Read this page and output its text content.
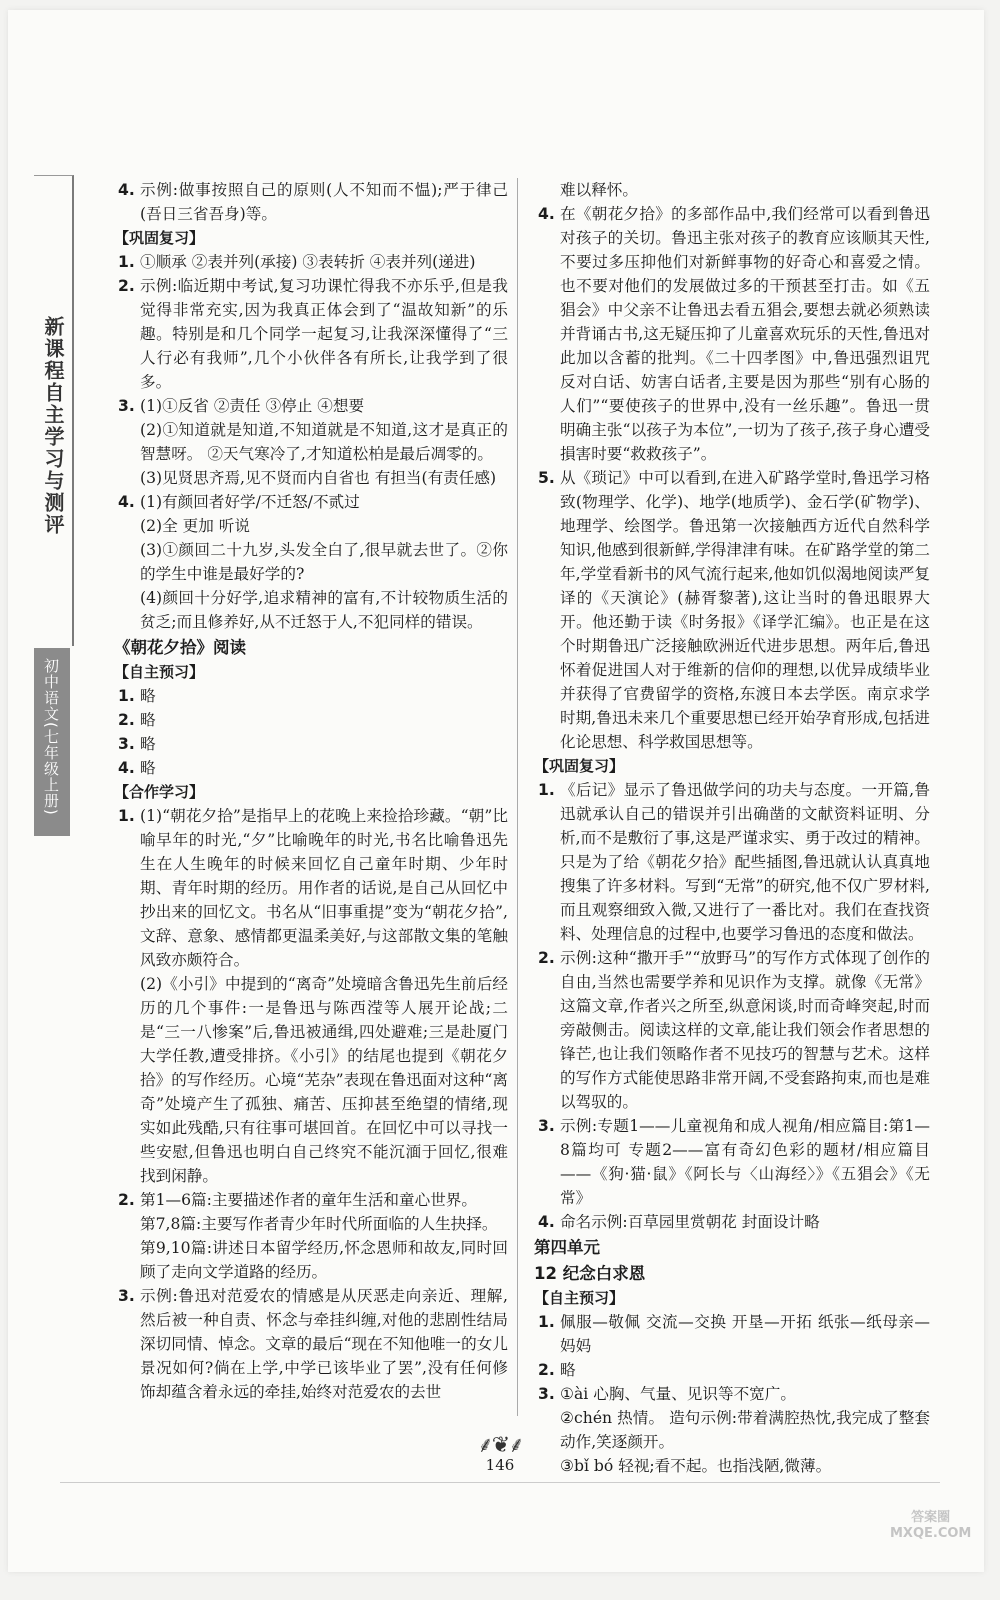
新课程自主学习与测评
初中语文(七年级上册)
4. 示例:做事按照自己的原则(人不知而不愠);严于律己(吾日三省吾身)等。
【巩固复习】
1. ①顺承 ②表并列(承接) ③表转折 ④表并列(递进)
2. 示例:临近期中考试,复习功课忙得我不亦乐乎,但是我觉得非常充实,因为我真正体会到了“温故知新”的乐趣。特别是和几个同学一起复习,让我深深懂得了“三人行必有我师”,几个小伙伴各有所长,让我学到了很多。
3. (1)①反省 ②责任 ③停止 ④想要
(2)①知道就是知道,不知道就是不知道,这才是真正的智慧呀。 ②天气寒冷了,才知道松柏是最后凋零的。
(3)见贤思齐焉,见不贤而内自省也 有担当(有责任感)
4. (1)有颜回者好学/不迁怒/不贰过
(2)全 更加 听说
(3)①颜回二十九岁,头发全白了,很早就去世了。②你的学生中谁是最好学的?
(4)颜回十分好学,追求精神的富有,不计较物质生活的贫乏;而且修养好,从不迁怒于人,不犯同样的错误。
《朝花夕拾》阅读
【自主预习】
1. 略
2. 略
3. 略
4. 略
【合作学习】
1. (1)“朝花夕拾”是指早上的花晚上来捡拾珍藏。“朝”比喻早年的时光,“夕”比喻晚年的时光,书名比喻鲁迅先生在人生晚年的时候来回忆自己童年时期、少年时期、青年时期的经历。用作者的话说,是自己从回忆中抄出来的回忆文。书名从“旧事重提”变为“朝花夕拾”,文辞、意象、感情都更温柔美好,与这部散文集的笔触风致亦颇符合。
(2)《小引》中提到的“离奇”处境暗含鲁迅先生前后经历的几个事件:一是鲁迅与陈西滢等人展开论战;二是“三一八惨案”后,鲁迅被通缉,四处避难;三是赴厦门大学任教,遭受排挤。《小引》的结尾也提到《朝花夕拾》的写作经历。心境“芜杂”表现在鲁迅面对这种“离奇”处境产生了孤独、痛苦、压抑甚至绝望的情绪,现实如此残酷,只有往事可堪回首。在回忆中可以寻找一些安慰,但鲁迅也明白自己终究不能沉湎于回忆,很难找到闲静。
2. 第1—6篇:主要描述作者的童年生活和童心世界。
第7,8篇:主要写作者青少年时代所面临的人生抉择。
第9,10篇:讲述日本留学经历,怀念恩师和故友,同时回顾了走向文学道路的经历。
3. 示例:鲁迅对范爱农的情感是从厌恶走向亲近、理解,然后被一种自责、怀念与牵挂纠缠,对他的悲剧性结局深切同情、悼念。文章的最后“现在不知他唯一的女儿景况如何?倘在上学,中学已该毕业了罢”,没有任何修饰却蕴含着永远的牵挂,始终对范爱农的去世
难以释怀。
4. 在《朝花夕拾》的多部作品中,我们经常可以看到鲁迅对孩子的关切。鲁迅主张对孩子的教育应该顺其天性,不要过多压抑他们对新鲜事物的好奇心和喜爱之情。也不要对他们的发展做过多的干预甚至打击。如《五猖会》中父亲不让鲁迅去看五猖会,要想去就必须熟读并背诵古书,这无疑压抑了儿童喜欢玩乐的天性,鲁迅对此加以含蓄的批判。《二十四孝图》中,鲁迅强烈诅咒反对白话、妨害白话者,主要是因为那些“别有心肠的人们”“要使孩子的世界中,没有一丝乐趣”。鲁迅一贯明确主张“以孩子为本位”,一切为了孩子,孩子身心遭受損害时要“救救孩子”。
5. 从《琐记》中可以看到,在进入矿路学堂时,鲁迅学习格致(物理学、化学)、地学(地质学)、金石学(矿物学)、地理学、绘图学。鲁迅第一次接触西方近代自然科学知识,他感到很新鲜,学得津津有味。在矿路学堂的第二年,学堂看新书的风气流行起来,他如饥似渴地阅读严复译的《天演论》(赫胥黎著),这让当时的鲁迅眼界大开。他还勤于读《时务报》《译学汇编》。也正是在这个时期鲁迅广泛接触欧洲近代进步思想。两年后,鲁迅怀着促进国人对于维新的信仰的理想,以优异成绩毕业并获得了官费留学的资格,东渡日本去学医。南京求学时期,鲁迅未来几个重要思想已经开始孕育形成,包括进化论思想、科学救国思想等。
【巩固复习】
1. 《后记》显示了鲁迅做学问的功夫与态度。一开篇,鲁迅就承认自己的错误并引出确凿的文献资料证明、分析,而不是敷衍了事,这是严谨求实、勇于改过的精神。只是为了给《朝花夕拾》配些插图,鲁迅就认认真真地搜集了许多材料。写到“无常”的研究,他不仅广罗材料,而且观察细致入微,又进行了一番比对。我们在查找资料、处理信息的过程中,也要学习鲁迅的态度和做法。
2. 示例:这种“撒开手”“放野马”的写作方式体现了创作的自由,当然也需要学养和见识作为支撑。就像《无常》这篇文章,作者兴之所至,纵意闲谈,时而奇峰突起,时而旁敲侧击。阅读这样的文章,能让我们领会作者思想的锋芒,也让我们领略作者不见技巧的智慧与艺术。这样的写作方式能使思路非常开阔,不受套路拘束,而也是难以驾驭的。
3. 示例:专题1——儿童视角和成人视角/相应篇目:第1—8篇均可 专题2——富有奇幻色彩的题材/相应篇目——《狗·猫·鼠》《阿长与〈山海经〉》《五猖会》《无常》
4. 命名示例:百草园里赏朝花 封面设计略
第四单元
12 纪念白求恩
【自主预习】
1. 佩服—敬佩 交流—交换 开垦—开拓 纸张—纸母亲—妈妈
2. 略
3. ①ài 心胸、气量、见识等不宽广。
②chén 热情。 造句示例:带着满腔热忱,我完成了整套动作,笑逐颜开。
③bǐ bó 轻视;看不起。也指浅陋,微薄。
⸙❦⸙
146
答案圈
MXQE.COM
